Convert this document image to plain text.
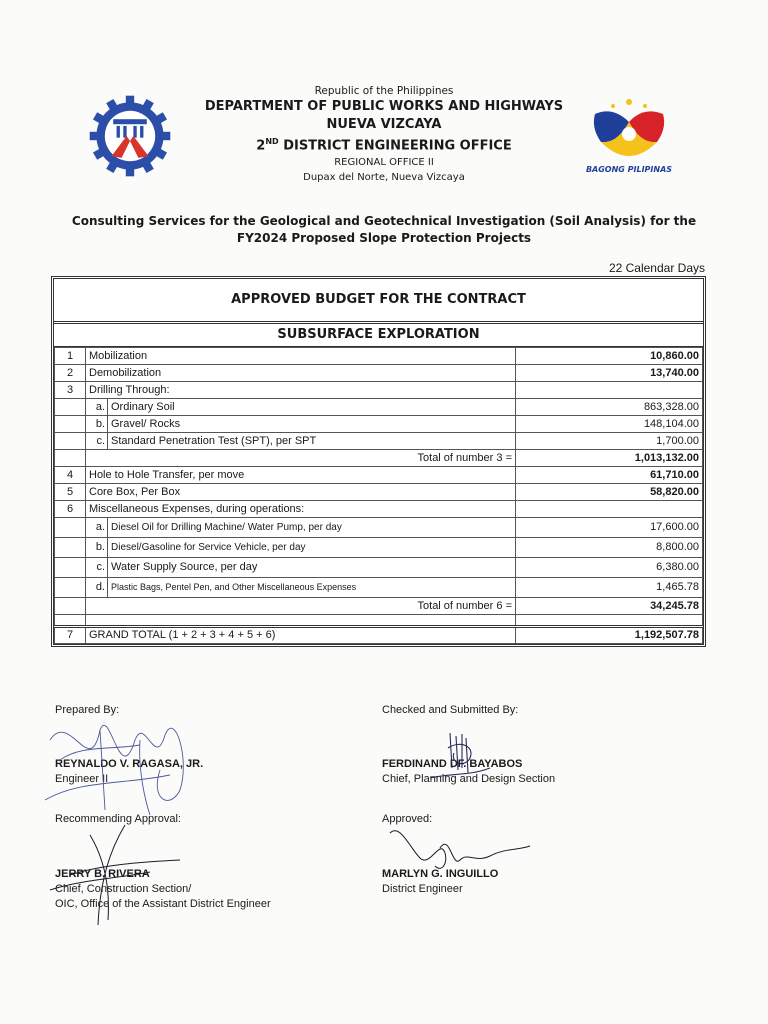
BAGONG PILIPINAS
Republic of the Philippines
DEPARTMENT OF PUBLIC WORKS AND HIGHWAYS
NUEVA VIZCAYA
2ND DISTRICT ENGINEERING OFFICE
REGIONAL OFFICE II
Dupax del Norte, Nueva Vizcaya
Consulting Services for the Geological and Geotechnical Investigation (Soil Analysis) for the
FY2024 Proposed Slope Protection Projects
22 Calendar Days
APPROVED BUDGET FOR THE CONTRACT
SUBSURFACE EXPLORATION
1	Mobilization		10,860.00
2	Demobilization		13,740.00
3	Drilling Through:		
	a.	Ordinary Soil	863,328.00
	b.	Gravel/ Rocks	148,104.00
	c.	Standard Penetration Test (SPT), per SPT	1,700.00
	Total of number 3 =		1,013,132.00
4	Hole to Hole Transfer, per move		61,710.00
5	Core Box, Per Box		58,820.00
6	Miscellaneous Expenses, during operations:		
	a.	Diesel Oil for Drilling Machine/ Water Pump, per day	17,600.00
	b.	Diesel/Gasoline for Service Vehicle, per day	8,800.00
	c.	Water Supply Source, per day	6,380.00
	d.	Plastic Bags, Pentel Pen, and Other Miscellaneous Expenses	1,465.78
	Total of number 6 =		34,245.78

7	GRAND TOTAL (1 + 2 + 3 + 4 + 5 + 6)		1,192,507.78
Prepared By:
REYNALDO V. RAGASA, JR.
Engineer II
Checked and Submitted By:
FERDINAND DF. BAYABOS
Chief, Planning and Design Section
Recommending Approval:
JERRY B. RIVERA
Chief, Construction Section/
OIC, Office of the Assistant District Engineer
Approved:
MARLYN G. INGUILLO
District Engineer
